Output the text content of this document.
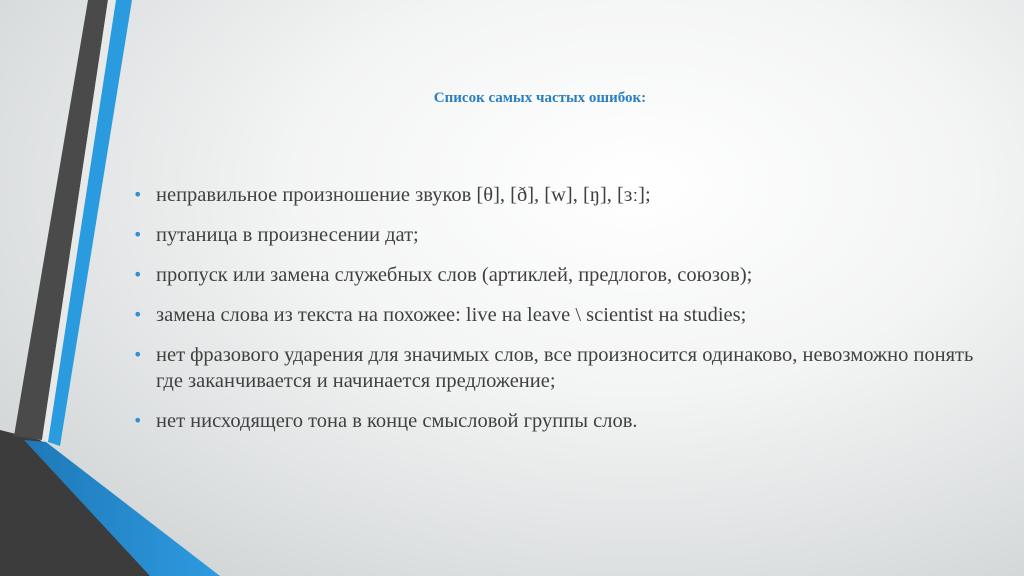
Список самых частых ошибок:
• неправильное произношение звуков [θ], [ð], [w], [ŋ], [ɜː];
• путаница в произнесении дат;
• пропуск или замена служебных слов (артиклей, предлогов, союзов);
• замена слова из текста на похожее: live на leave \ scientist на studies;
• нет фразового ударения для значимых слов, все произносится одинаково, невозможно понять где заканчивается и начинается предложение;
• нет нисходящего тона в конце смысловой группы слов.
